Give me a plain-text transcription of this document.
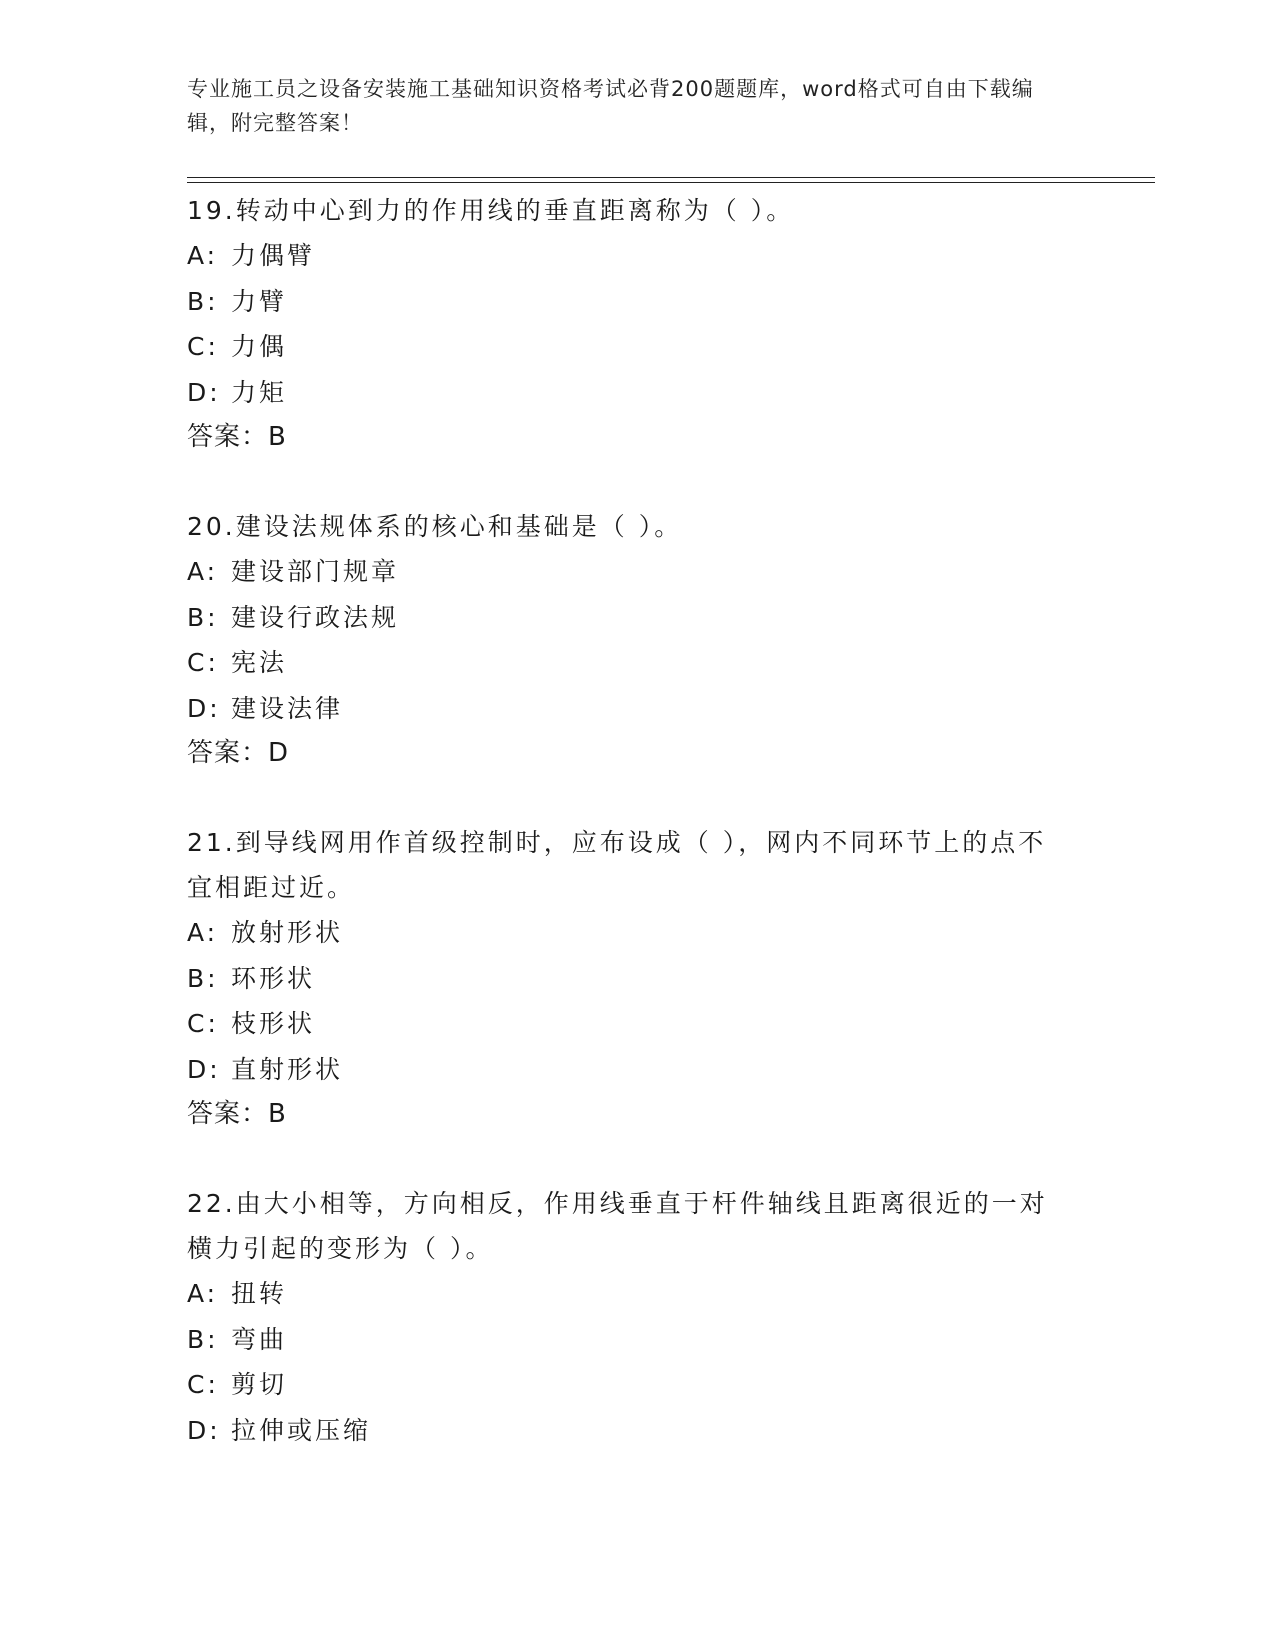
专业施工员之设备安装施工基础知识资格考试必背200题题库，word格式可自由下载编辑，附完整答案！
19.转动中心到力的作用线的垂直距离称为（ ）。
A: 力偶臂
B: 力臂
C: 力偶
D: 力矩
答案：B
20.建设法规体系的核心和基础是（ ）。
A: 建设部门规章
B: 建设行政法规
C: 宪法
D: 建设法律
答案：D
21.到导线网用作首级控制时，应布设成（ ），网内不同环节上的点不宜相距过近。
A: 放射形状
B: 环形状
C: 枝形状
D: 直射形状
答案：B
22.由大小相等，方向相反，作用线垂直于杆件轴线且距离很近的一对横力引起的变形为（ ）。
A: 扭转
B: 弯曲
C: 剪切
D: 拉伸或压缩
